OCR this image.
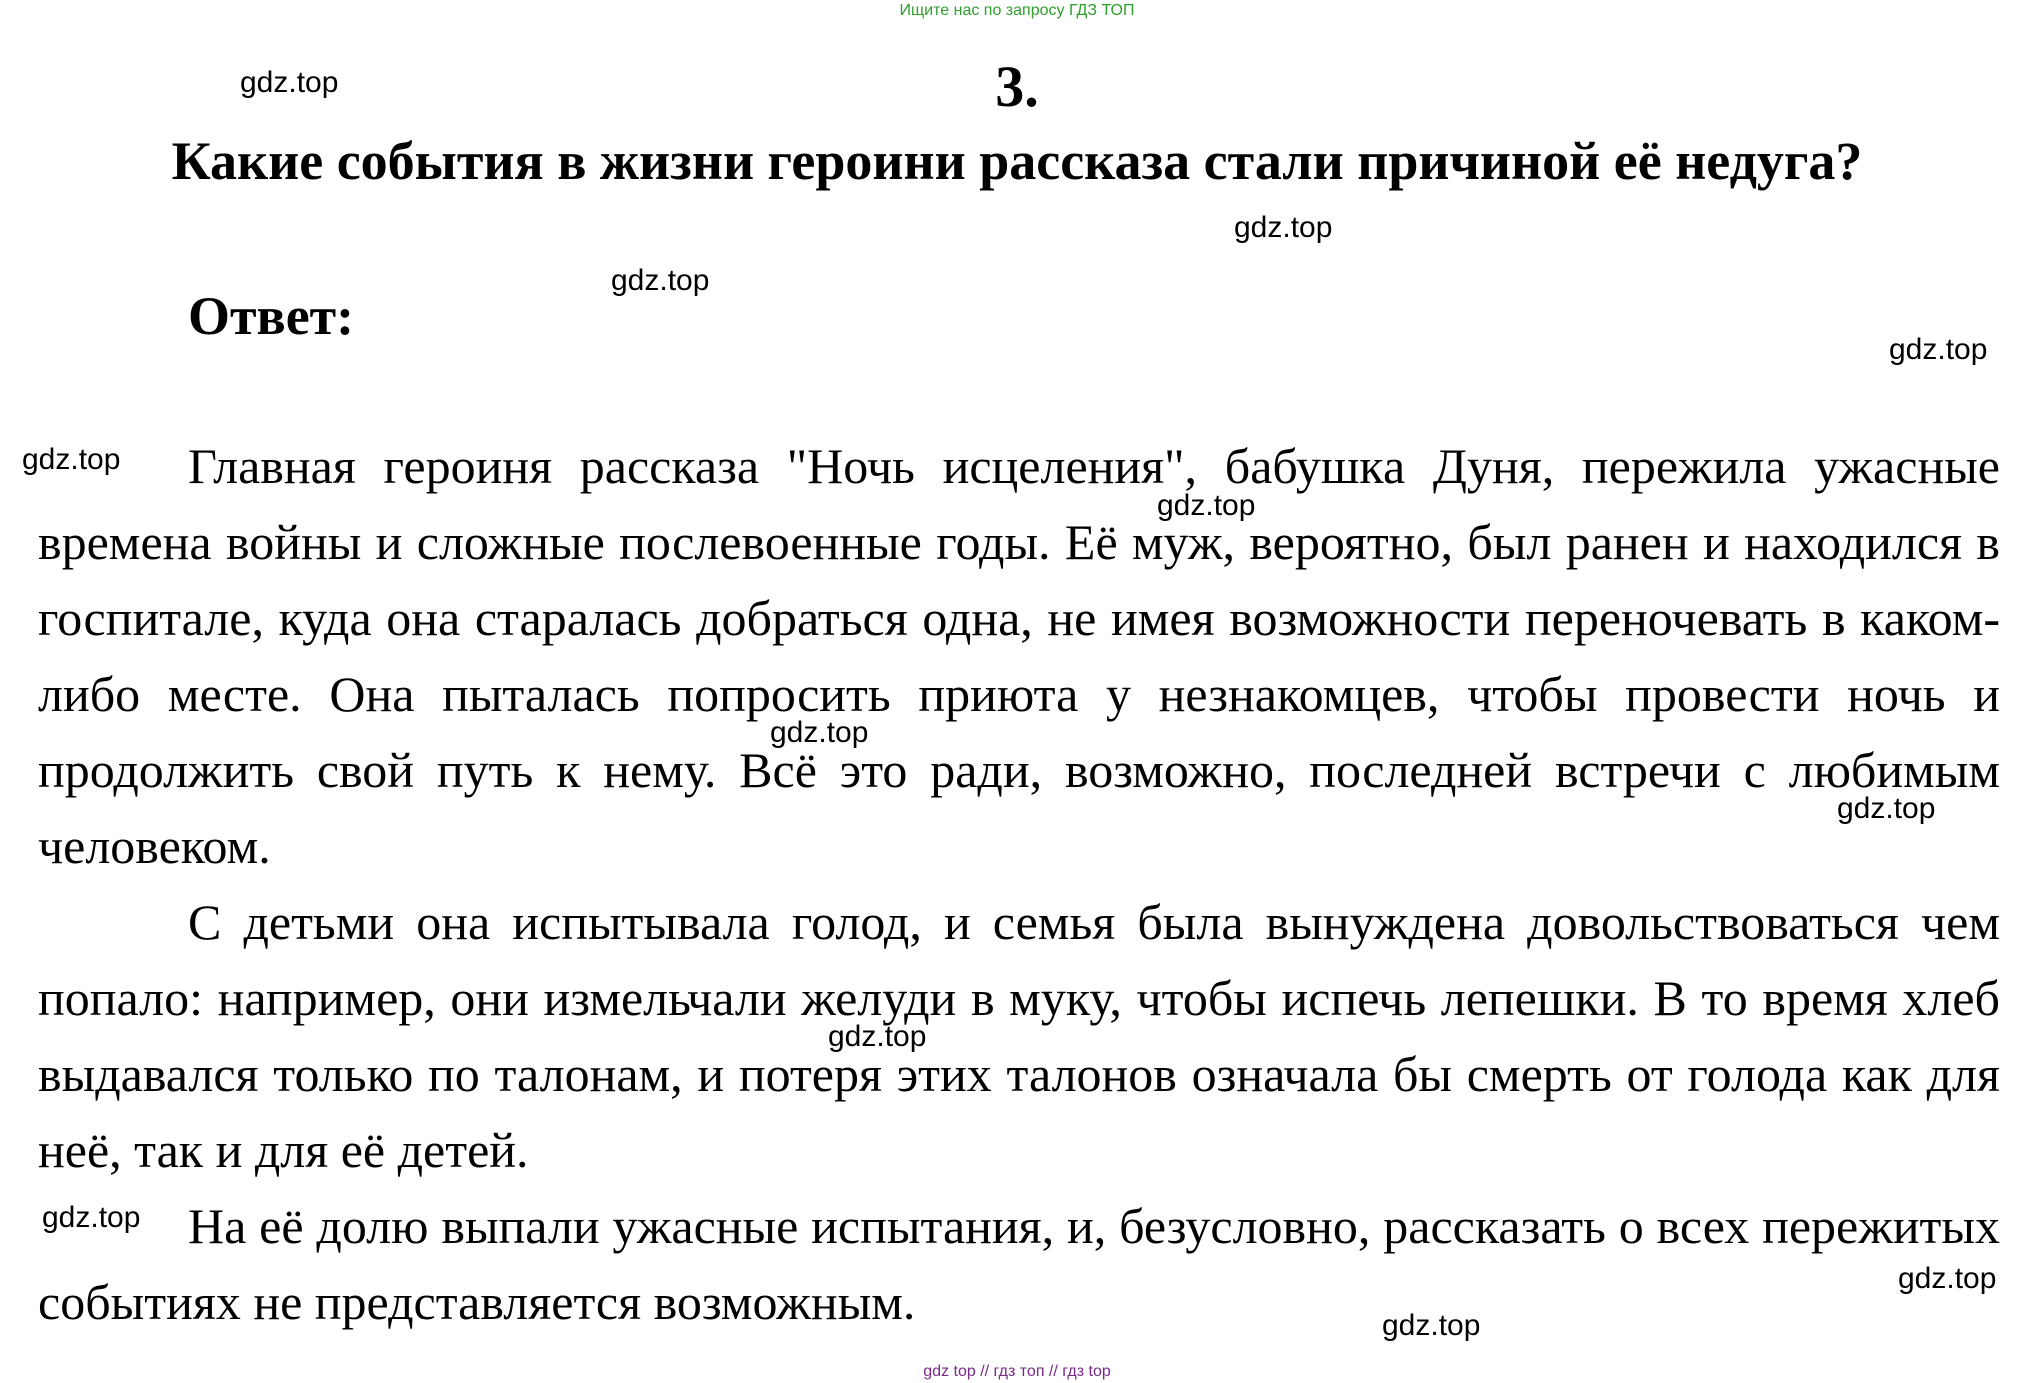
Ищите нас по запросу ГДЗ ТОП
3.
Какие события в жизни героини рассказа стали причиной её недуга?
Ответ:

Главная героиня рассказа "Ночь исцеления", бабушка Дуня, пережила ужасные времена войны и сложные послевоенные годы. Её муж, вероятно, был ранен и находился в госпитале, куда она старалась добраться одна, не имея возможности переночевать в каком-либо месте. Она пыталась попросить приюта у незнакомцев, чтобы провести ночь и продолжить свой путь к нему. Всё это ради, возможно, последней встречи с любимым человеком.

С детьми она испытывала голод, и семья была вынуждена довольствоваться чем попало: например, они измельчали желуди в муку, чтобы испечь лепешки. В то время хлеб выдавался только по талонам, и потеря этих талонов означала бы смерть от голода как для неё, так и для её детей.

На её долю выпали ужасные испытания, и, безусловно, рассказать о всех пережитых событиях не представляется возможным.

gdz.top
gdz.top
gdz.top
gdz.top
gdz.top
gdz.top
gdz.top
gdz.top
gdz.top
gdz.top
gdz.top
gdz.top
gdz top // гдз топ // гдз top
